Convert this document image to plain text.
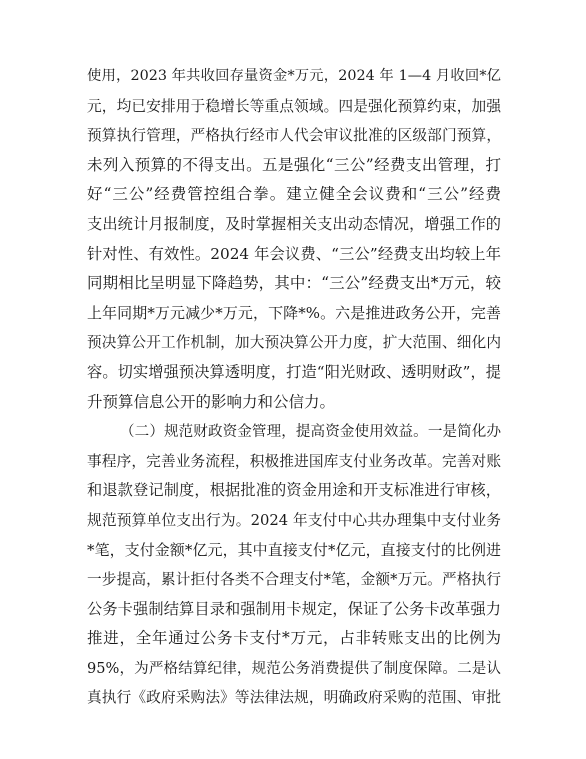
使用，2023 年共收回存量资金*万元，2024 年 1—4 月收回*亿
元，均已安排用于稳增长等重点领域。四是强化预算约束，加强
预算执行管理，严格执行经市人代会审议批准的区级部门预算，
未列入预算的不得支出。五是强化“三公”经费支出管理，打
好“三公”经费管控组合拳。建立健全会议费和“三公”经费
支出统计月报制度，及时掌握相关支出动态情况，增强工作的
针对性、有效性。2024 年会议费、“三公”经费支出均较上年
同期相比呈明显下降趋势，其中：“三公”经费支出*万元，较
上年同期*万元减少*万元，下降*%。六是推进政务公开，完善
预决算公开工作机制，加大预决算公开力度，扩大范围、细化内
容。切实增强预决算透明度，打造“阳光财政、透明财政”，提
升预算信息公开的影响力和公信力。
（二）规范财政资金管理，提高资金使用效益。一是简化办
事程序，完善业务流程，积极推进国库支付业务改革。完善对账
和退款登记制度，根据批准的资金用途和开支标准进行审核，
规范预算单位支出行为。2024 年支付中心共办理集中支付业务
*笔，支付金额*亿元，其中直接支付*亿元，直接支付的比例进
一步提高，累计拒付各类不合理支付*笔，金额*万元。严格执行
公务卡强制结算目录和强制用卡规定，保证了公务卡改革强力
推进，全年通过公务卡支付*万元，占非转账支出的比例为
95%，为严格结算纪律，规范公务消费提供了制度保障。二是认
真执行《政府采购法》等法律法规，明确政府采购的范围、审批
